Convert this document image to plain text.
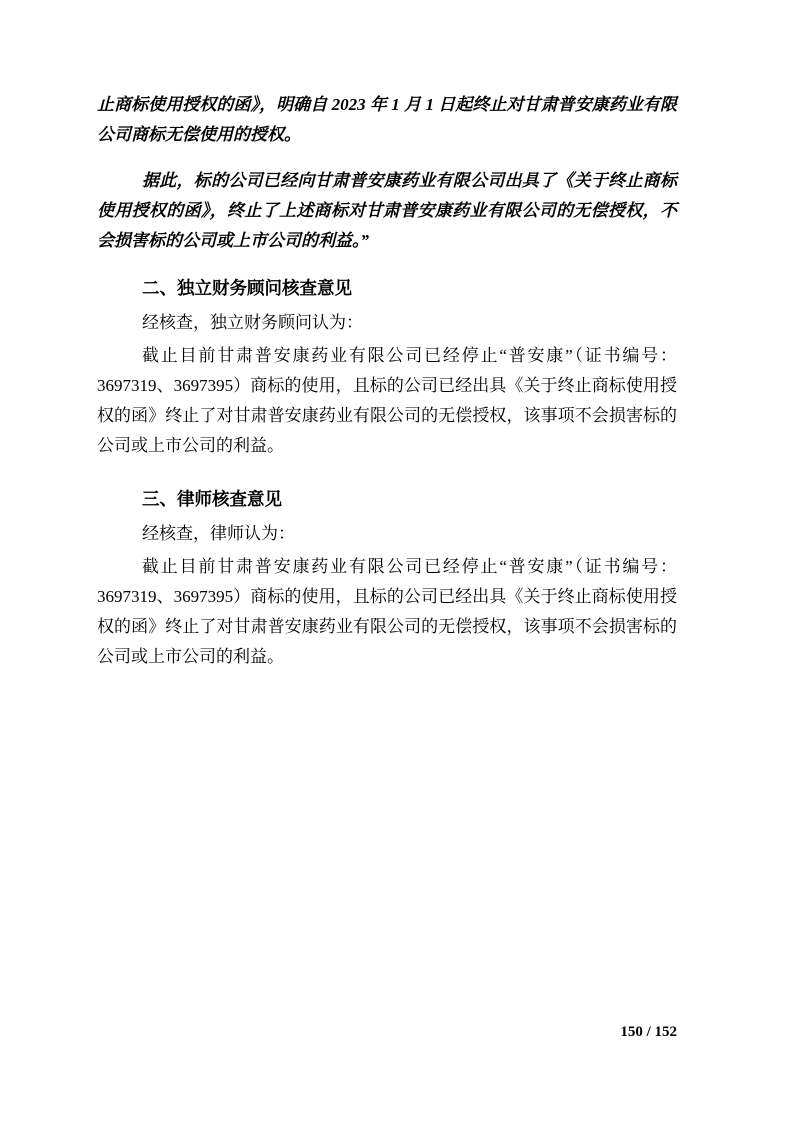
止商标使用授权的函》，明确自 2023 年 1 月 1 日起终止对甘肃普安康药业有限公司商标无偿使用的授权。

据此，标的公司已经向甘肃普安康药业有限公司出具了《关于终止商标使用授权的函》，终止了上述商标对甘肃普安康药业有限公司的无偿授权，不会损害标的公司或上市公司的利益。”

二、独立财务顾问核查意见

经核查，独立财务顾问认为：

截止目前甘肃普安康药业有限公司已经停止“普安康”（证书编号：3697319、3697395）商标的使用，且标的公司已经出具《关于终止商标使用授权的函》终止了对甘肃普安康药业有限公司的无偿授权，该事项不会损害标的公司或上市公司的利益。

三、律师核查意见

经核查，律师认为：

截止目前甘肃普安康药业有限公司已经停止“普安康”（证书编号：3697319、3697395）商标的使用，且标的公司已经出具《关于终止商标使用授权的函》终止了对甘肃普安康药业有限公司的无偿授权，该事项不会损害标的公司或上市公司的利益。

150 / 152
